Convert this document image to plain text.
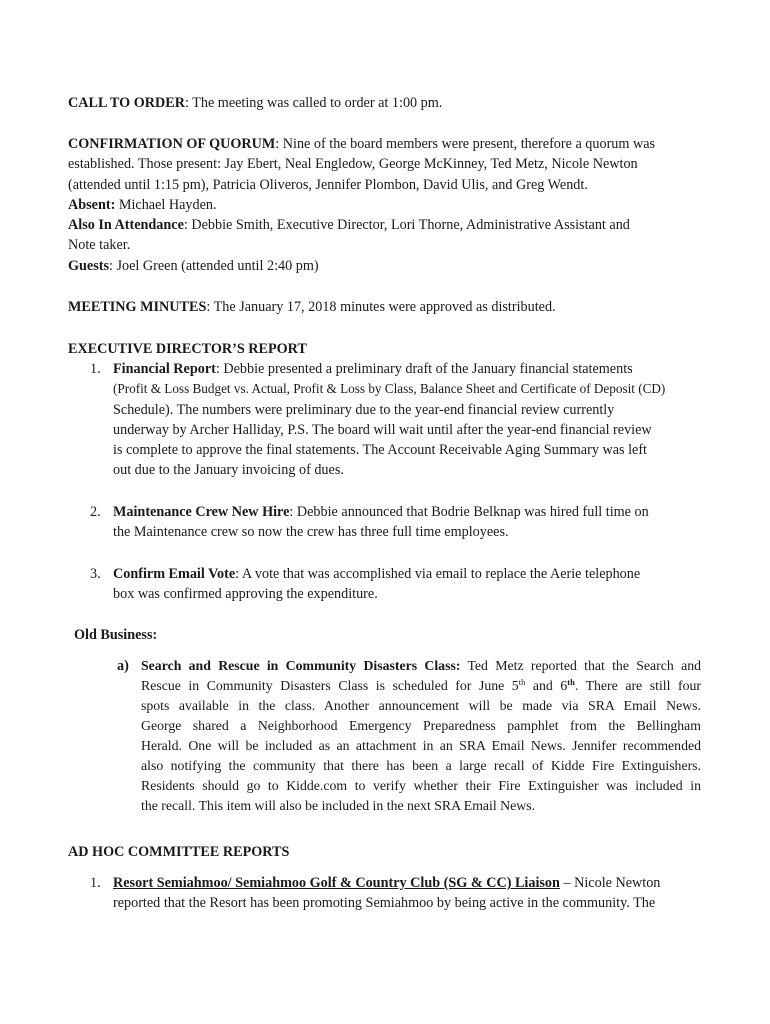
CALL TO ORDER: The meeting was called to order at 1:00 pm.
CONFIRMATION OF QUORUM: Nine of the board members were present, therefore a quorum was
established. Those present: Jay Ebert, Neal Engledow, George McKinney, Ted Metz, Nicole Newton
(attended until 1:15 pm), Patricia Oliveros, Jennifer Plombon, David Ulis, and Greg Wendt.
Absent: Michael Hayden.
Also In Attendance: Debbie Smith, Executive Director, Lori Thorne, Administrative Assistant and
Note taker.
Guests: Joel Green (attended until 2:40 pm)
MEETING MINUTES: The January 17, 2018 minutes were approved as distributed.
EXECUTIVE DIRECTOR’S REPORT
1. Financial Report: Debbie presented a preliminary draft of the January financial statements
(Profit & Loss Budget vs. Actual, Profit & Loss by Class, Balance Sheet and Certificate of Deposit (CD)
Schedule). The numbers were preliminary due to the year-end financial review currently
underway by Archer Halliday, P.S. The board will wait until after the year-end financial review
is complete to approve the final statements. The Account Receivable Aging Summary was left
out due to the January invoicing of dues.
2. Maintenance Crew New Hire: Debbie announced that Bodrie Belknap was hired full time on
the Maintenance crew so now the crew has three full time employees.
3. Confirm Email Vote: A vote that was accomplished via email to replace the Aerie telephone
box was confirmed approving the expenditure.
Old Business:
a) Search and Rescue in Community Disasters Class: Ted Metz reported that the Search and
Rescue in Community Disasters Class is scheduled for June 5th and 6th. There are still four
spots available in the class. Another announcement will be made via SRA Email News.
George shared a Neighborhood Emergency Preparedness pamphlet from the Bellingham
Herald. One will be included as an attachment in an SRA Email News. Jennifer recommended
also notifying the community that there has been a large recall of Kidde Fire Extinguishers.
Residents should go to Kidde.com to verify whether their Fire Extinguisher was included in
the recall. This item will also be included in the next SRA Email News.
AD HOC COMMITTEE REPORTS
1. Resort Semiahmoo/ Semiahmoo Golf & Country Club (SG & CC) Liaison – Nicole Newton
reported that the Resort has been promoting Semiahmoo by being active in the community. The
